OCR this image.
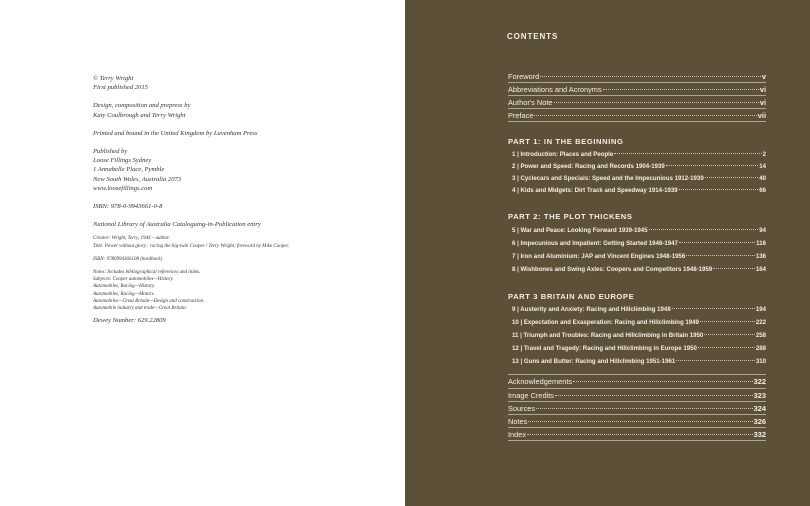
© Terry Wright
First published 2015
Design, composition and prepress by
Katy Coulbrough and Terry Wright
Printed and bound in the United Kingdom by Lavenham Press
Published by
Loose Fillings Sydney
1 Annabelle Place, Pymble
New South Wales, Australia 2073
www.loosefillings.com
ISBN: 978-0-9943661-0-8
National Library of Australia Cataloguing-in-Publication entry
Creator: Wright, Terry, 1944 – author.
Title: Power without glory : racing the big-twin Cooper / Terry Wright; foreword by Mike Cooper.
ISBN: 9780994366108 (hardback)
Notes: Includes bibliographical references and index.
Subjects: Cooper automobiles—History.
Automobiles, Racing—History.
Automobiles, Racing—Motors.
Automobiles—Great Britain—Design and construction.
Automobile industry and trade—Great Britain.
Dewey Number: 629.22809
CONTENTS
Foreword	v
Abbreviations and Acronyms	vi
Author's Note	vi
Preface	vii
PART 1: IN THE BEGINNING
1 | Introduction: Places and People	2
2 | Power and Speed: Racing and Records 1904-1939	14
3 | Cyclecars and Specials: Speed and the Impecunious 1912-1939	40
4 | Kids and Midgets: Dirt Track and Speedway 1914-1939	66
PART 2: THE PLOT THICKENS
5 | War and Peace: Looking Forward 1939-1945	94
6 | Impecunious and Impatient: Getting Started 1946-1947	116
7 | Iron and Aluminium: JAP and Vincent Engines 1948-1956	136
8 | Wishbones and Swing Axles: Coopers and Competitors 1948-1959	164
PART 3 BRITAIN AND EUROPE
9 | Austerity and Anxiety: Racing and Hillclimbing 1948	194
10 | Expectation and Exasperation: Racing and Hillclimbing 1949	222
11 | Triumph and Troubles: Racing and Hillclimbing in Britain 1950	258
12 | Travel and Tragedy: Racing and Hillclimbing in Europe 1950	288
13 | Guns and Butter: Racing and Hillclimbing 1951-1961	310
Acknowledgements	322
Image Credits	323
Sources	324
Notes	326
Index	332
